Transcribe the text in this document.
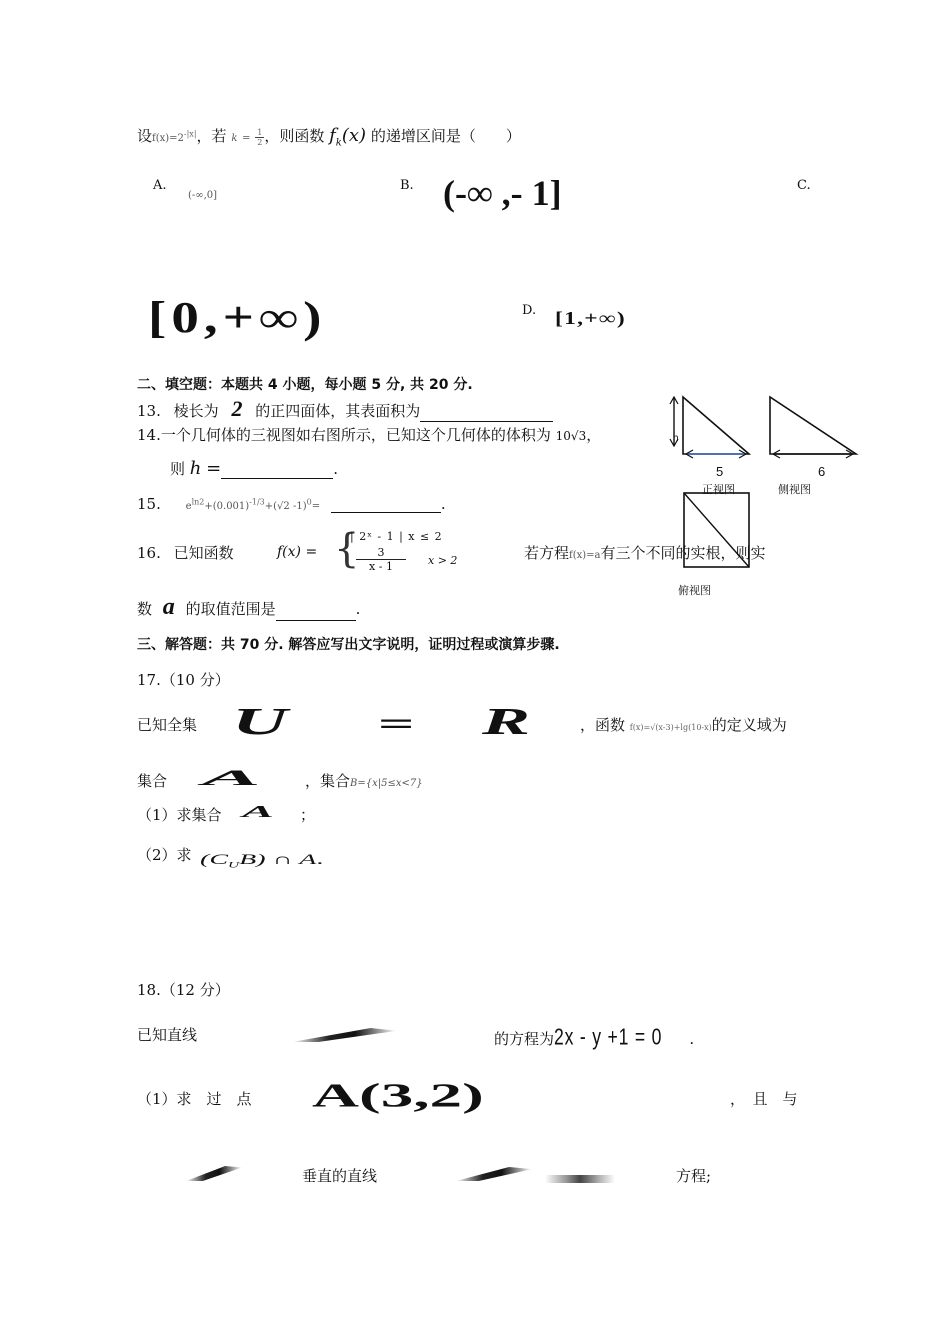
设$f(x)=2^{-|x|}$，若 $k = \frac{1}{2}$ ，则函数 $f_k(x)$ 的递增区间是（　　）
A.
(-∞,0]
B. (-∞ ,- 1]	C.
[0,+∞)	D. [1,+∞)
二、填空题：本题共 4 小题，每小题 5 分, 共 20 分.
13. 棱长为 2 的正四面体，其表面积为
14.一个几何体的三视图如右图所示，已知这个几何体的体积为 10√3，
则 h =	.
15. $e^{ln2}+(0.001)^{-1/3}+(√2$ -1)$^0$=	.
16. 已知函数	f(x) = {
| 2ˣ - 1 | x ≤ 2
$\frac{3}{x - 1}$ x > 2	若方程f(x)=a有三个不同的实根，则实
数 a 的取值范围是	.
h
5	6
正视图	侧视图
俯视图
三、解答题：共 70 分. 解答应写出文字说明，证明过程或演算步骤.
17.（10 分）
已知全集 U = R	，函数 f(x)=√(x-3)+lg(10-x)的定义域为
集合 A	，集合B={x|5≤x<7}
（1）求集合 A ；
（2）求 $(C_UB)$ ∩ A.
18.（12 分）
已知直线	的方程为2x - y +1 = 0 .
（1）求　过　点 A(3,2)	，　且　与
垂直的直线	方程;
